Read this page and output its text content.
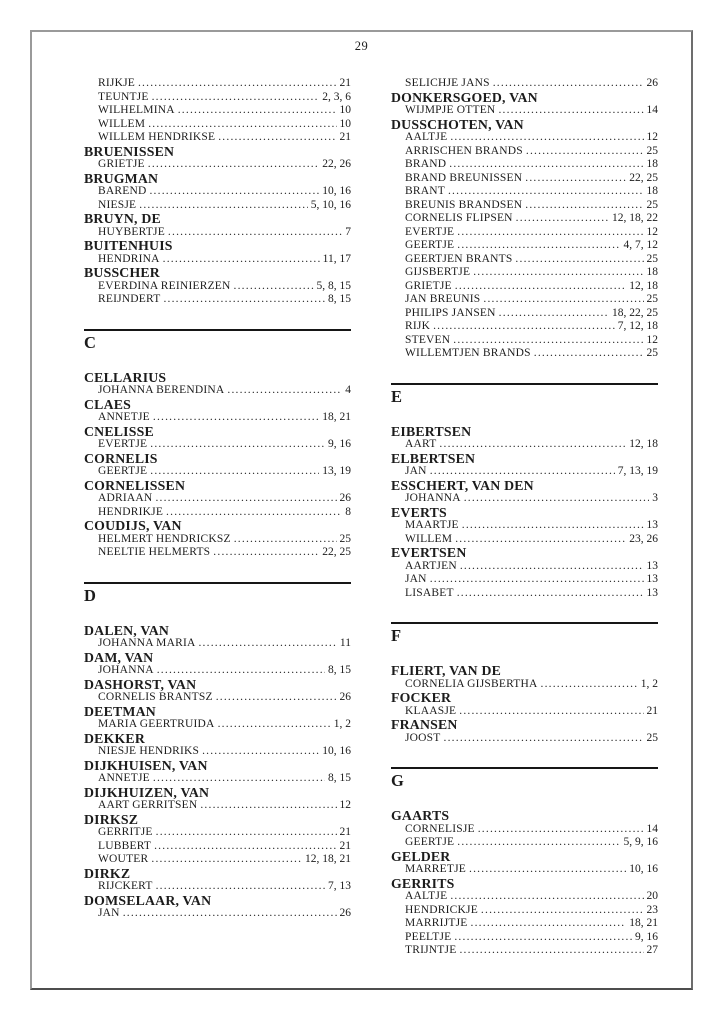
29
RIJKJE .....	21
TEUNTJE .....	2, 3, 6
WILHELMINA .....	10
WILLEM .....	10
WILLEM HENDRIKSE .....	21
BRUENISSEN
GRIETJE .....	22, 26
BRUGMAN
BAREND .....	10, 16
NIESJE .....	5, 10, 16
BRUYN, DE
HUYBERTJE .....	7
BUITENHUIS
HENDRINA .....	11, 17
BUSSCHER
EVERDINA REINIERZEN .....	5, 8, 15
REIJNDERT .....	8, 15
C
CELLARIUS
JOHANNA BERENDINA .....	4
CLAES
ANNETJE .....	18, 21
CNELISSE
EVERTJE .....	9, 16
CORNELIS
GEERTJE .....	13, 19
CORNELISSEN
ADRIAAN .....	26
HENDRIKJE .....	8
COUDIJS, VAN
HELMERT HENDRICKSZ .....	25
NEELTIE HELMERTS .....	22, 25
D
DALEN, VAN
JOHANNA MARIA .....	11
DAM, VAN
JOHANNA .....	8, 15
DASHORST, VAN
CORNELIS BRANTSZ .....	26
DEETMAN
MARIA GEERTRUIDA .....	1, 2
DEKKER
NIESJE HENDRIKS .....	10, 16
DIJKHUISEN, VAN
ANNETJE .....	8, 15
DIJKHUIZEN, VAN
AART GERRITSEN .....	12
DIRKSZ
GERRITJE .....	21
LUBBERT .....	21
WOUTER .....	12, 18, 21
DIRKZ
RIJCKERT .....	7, 13
DOMSELAAR, VAN
JAN .....	26
SELICHJE JANS .....	26
DONKERSGOED, VAN
WIJMPJE OTTEN .....	14
DUSSCHOTEN, VAN
AALTJE .....	12
ARRISCHEN BRANDS .....	25
BRAND .....	18
BRAND BREUNISSEN .....	22, 25
BRANT .....	18
BREUNIS BRANDSEN .....	25
CORNELIS FLIPSEN .....	12, 18, 22
EVERTJE .....	12
GEERTJE .....	4, 7, 12
GEERTJEN BRANTS .....	25
GIJSBERTJE .....	18
GRIETJE .....	12, 18
JAN BREUNIS .....	25
PHILIPS JANSEN .....	18, 22, 25
RIJK .....	7, 12, 18
STEVEN .....	12
WILLEMTJEN BRANDS .....	25
E
EIBERTSEN
AART .....	12, 18
ELBERTSEN
JAN .....	7, 13, 19
ESSCHERT, VAN DEN
JOHANNA .....	3
EVERTS
MAARTJE .....	13
WILLEM .....	23, 26
EVERTSEN
AARTJEN .....	13
JAN .....	13
LISABET .....	13
F
FLIERT, VAN DE
CORNELIA GIJSBERTHA .....	1, 2
FOCKER
KLAASJE .....	21
FRANSEN
JOOST .....	25
G
GAARTS
CORNELISJE .....	14
GEERTJE .....	5, 9, 16
GELDER
MARRETJE .....	10, 16
GERRITS
AALTJE .....	20
HENDRICKJE .....	23
MARRIJTJE .....	18, 21
PEELTJE .....	9, 16
TRIJNTJE .....	27
